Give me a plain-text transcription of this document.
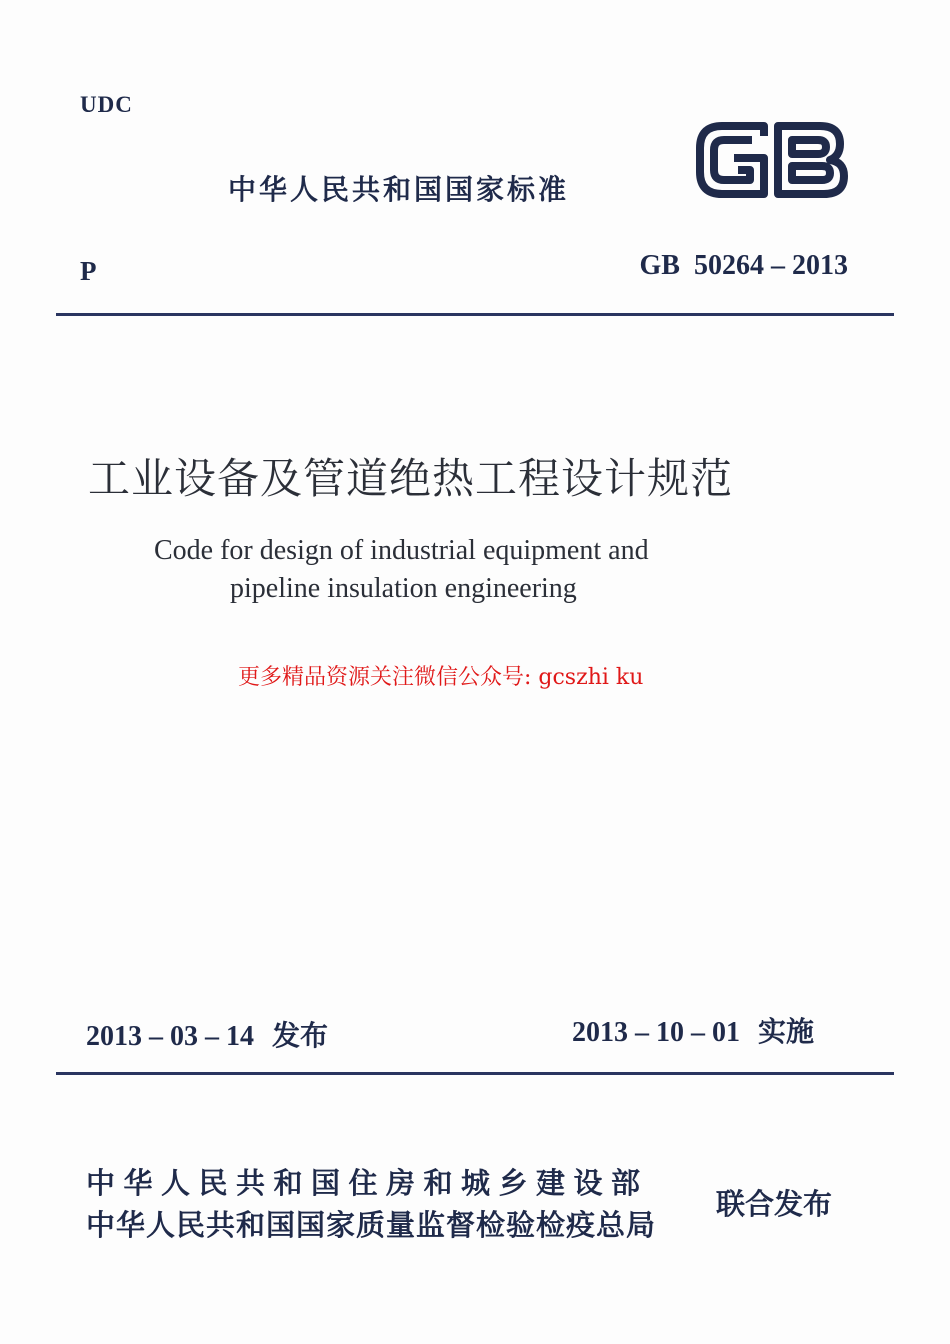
UDC
中华人民共和国国家标准
P	GB  50264 – 2013
工业设备及管道绝热工程设计规范
Code for design of industrial equipment and
pipeline insulation engineering
更多精品资源关注微信公众号: gcszhi ku
2013 – 03 – 14 发布	2013 – 10 – 01 实施
中华人民共和国住房和城乡建设部
中华人民共和国国家质量监督检验检疫总局
联合发布
